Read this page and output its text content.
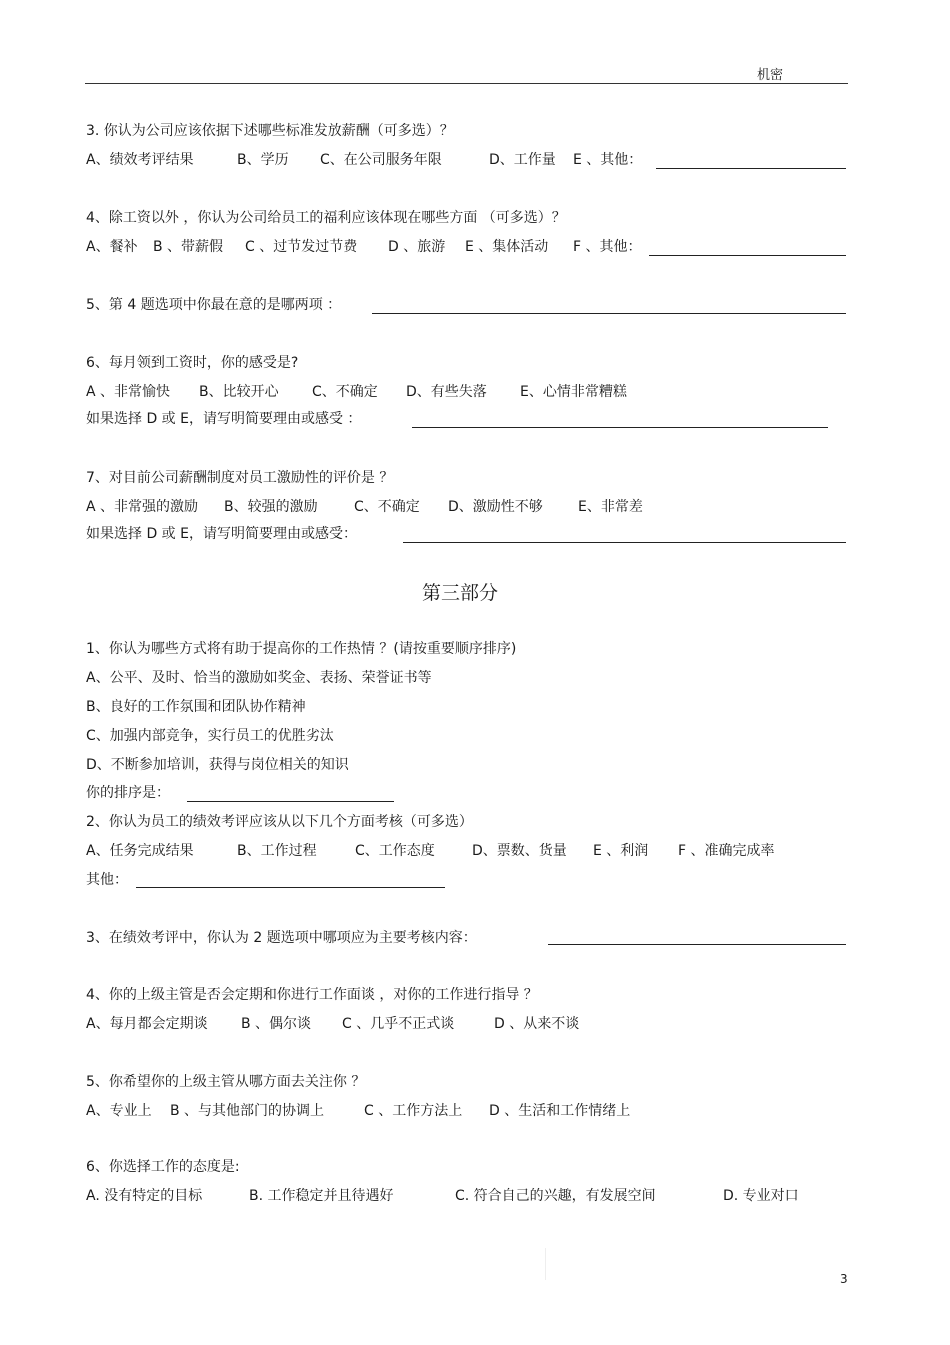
机密
3. 你认为公司应该依据下述哪些标准发放薪酬（可多选）？
A、绩效考评结果	B、学历 C、在公司服务年限	D、工作量 E 、其他：
4、除工资以外 ，你认为公司给员工的福利应该体现在哪些方面 （可多选）？
A、餐补 B 、带薪假 C 、过节发过节费 D 、旅游 E 、集体活动 F 、其他：
5、第 4 题选项中你最在意的是哪两项 ：
6、每月领到工资时，你的感受是?
A 、非常愉快 B、比较开心 C、不确定 D、有些失落 E、心情非常糟糕
如果选择 D 或 E，请写明简要理由或感受 ：
7、对目前公司薪酬制度对员工激励性的评价是 ？
A 、非常强的激励 B、较强的激励	C、不确定 D、激励性不够	E、非常差
如果选择 D 或 E，请写明简要理由或感受：
第三部分
1、你认为哪些方式将有助于提高你的工作热情 ？(请按重要顺序排序)
A、公平、及时、恰当的激励如奖金、表扬、荣誉证书等
B、良好的工作氛围和团队协作精神
C、加强内部竞争，实行员工的优胜劣汰
D、不断参加培训，获得与岗位相关的知识
你的排序是：
2、你认为员工的绩效考评应该从以下几个方面考核（可多选）
A、任务完成结果	B、工作过程	C、工作态度	D、票数、货量 E 、利润 F 、准确完成率
其他：
3、在绩效考评中，你认为 2 题选项中哪项应为主要考核内容：
4、你的上级主管是否会定期和你进行工作面谈 ，对你的工作进行指导 ？
A、每月都会定期谈 B 、偶尔谈 C 、几乎不正式谈	D 、从来不谈
5、你希望你的上级主管从哪方面去关注你 ？
A、专业上 B 、与其他部门的协调上	C 、工作方法上 D 、生活和工作情绪上
6、你选择工作的态度是:
A. 没有特定的目标	B. 工作稳定并且待遇好	C. 符合自己的兴趣，有发展空间	D. 专业对口
3
